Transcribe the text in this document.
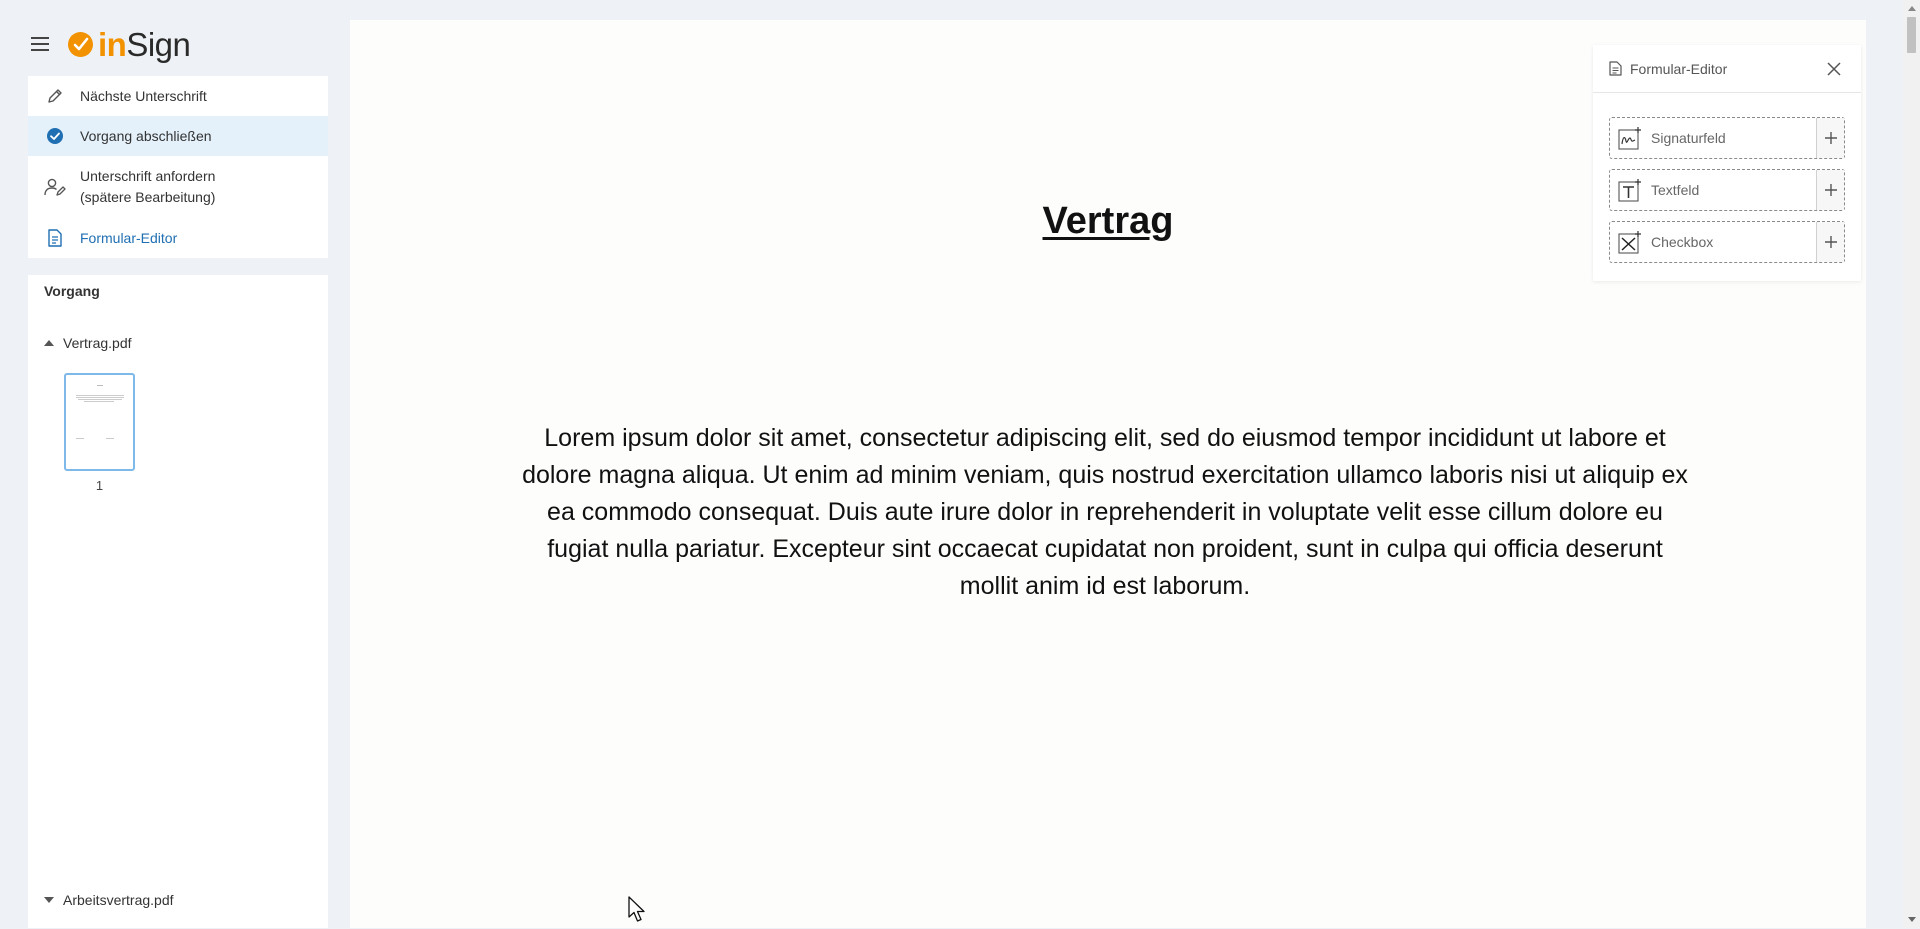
inSign
Nächste Unterschrift
Vorgang abschließen
Unterschrift anfordern
(spätere Bearbeitung)
Formular-Editor
Vorgang
Vertrag.pdf
1
Arbeitsvertrag.pdf
Vertrag
Lorem ipsum dolor sit amet, consectetur adipiscing elit, sed do eiusmod tempor incididunt ut labore et dolore magna aliqua. Ut enim ad minim veniam, quis nostrud exercitation ullamco laboris nisi ut aliquip ex ea commodo consequat. Duis aute irure dolor in reprehenderit in voluptate velit esse cillum dolore eu fugiat nulla pariatur. Excepteur sint occaecat cupidatat non proident, sunt in culpa qui officia deserunt mollit anim id est laborum.
Formular-Editor
Signaturfeld
Textfeld
Checkbox
